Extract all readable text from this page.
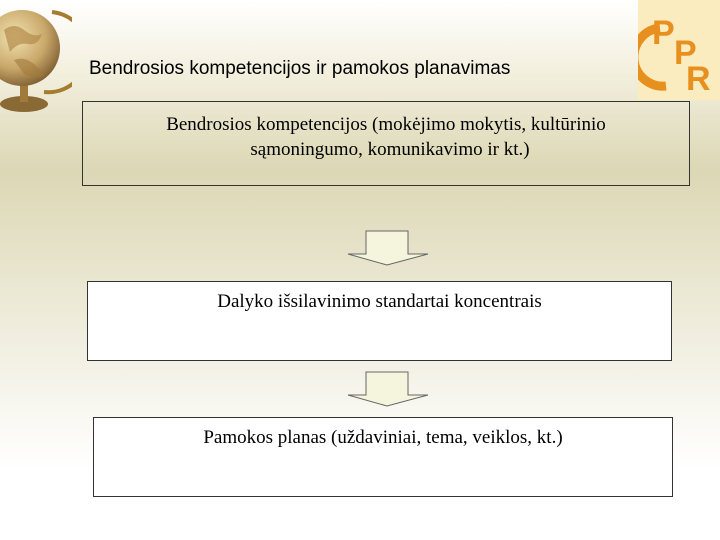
P
P
R
Bendrosios kompetencijos ir pamokos planavimas
Bendrosios kompetencijos (mokėjimo mokytis, kultūrinio
sąmoningumo, komunikavimo ir kt.)
Dalyko išsilavinimo standartai koncentrais
Pamokos planas (uždaviniai, tema, veiklos, kt.)
